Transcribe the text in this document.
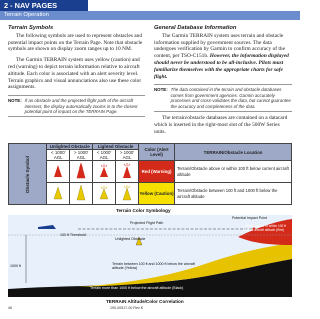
2 - NAV PAGES
Terrain Operation
Terrain Symbols

The following symbols are used to represent obstacles and potential impact points on the Terrain Page. Note that obstacle symbols are shown on display zoom ranges up to 10 NM.

The Garmin TERRAIN system uses yellow (caution) and red (warning) to depict terrain information relative to aircraft altitude. Each color is associated with an alert severity level. Terrain graphics and visual annunciations also use these color assignments.

NOTE: If an obstacle and the projected flight path of the aircraft intersect, the display automatically zooms in to the closest potential point of impact on the TERRAIN Page.
General Database Information

The Garmin TERRAIN system uses terrain and obstacle information supplied by government sources. The data undergoes verification by Garmin to confirm accuracy of the content, per TSO-C151b. However, the information displayed should never be understood to be all-inclusive. Pilots must familiarize themselves with the appropriate charts for safe flight.

NOTE: The data contained in the terrain and obstacle databases comes from government agencies. Garmin accurately processes and cross-validates the data, but cannot guarantee the accuracy and completeness of the data.

The terrain/obstacle databases are contained on a datacard which is inserted in the right-most slot of the 500W Series units.

Obstacle Symbol	Unlighted Obstacle		Lighted Obstacle		Color (Alert Level)	TERRAIN/Obstacle Location
	< 1000' AGL	> 1000' AGL	< 1000' AGL	> 1000' AGL		
				Red (Warning)	Terrain/Obstacle above or within 100 ft below current aircraft altitude
				Yellow (Caution)	Terrain/Obstacle between 100 ft and 1000 ft below the aircraft altitude
Terrain Color Symbology
Projected Flight Path
Potential Impact Point
100 ft Threshold
Unlighted Obstacle
Terrain above or within 100 ft below aircraft altitude (Red)
Terrain between 100 ft and 1000 ft below the aircraft altitude (Yellow)
Terrain more than 1000 ft below the aircraft altitude (Black)
1000 ft
TERRAIN Altitude/Color Correlation
46	190-00517-00 Rev K
